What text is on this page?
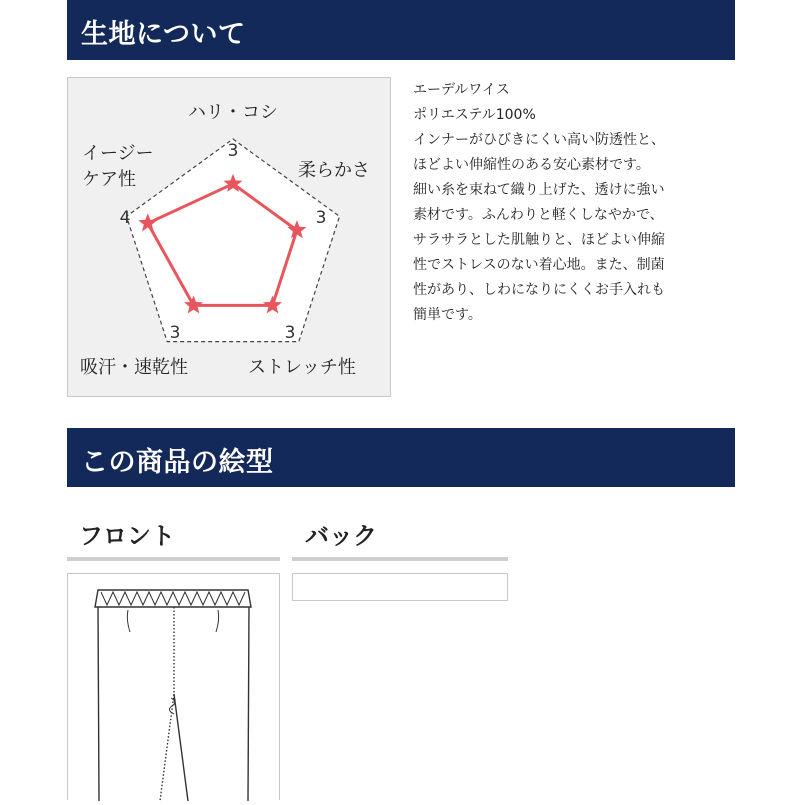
生地について
ハリ・コシ
柔らかさ
ストレッチ性
吸汗・速乾性
イージー
ケア性
3
3
3
3
4
エーデルワイス
ポリエステル100%
インナーがひびきにくい高い防透性と、
ほどよい伸縮性のある安心素材です。
細い糸を束ねて織り上げた、透けに強い
素材です。ふんわりと軽くしなやかで、
サラサラとした肌触りと、ほどよい伸縮
性でストレスのない着心地。また、制菌
性があり、しわになりにくくお手入れも
簡単です。
この商品の絵型
フロント	バック
